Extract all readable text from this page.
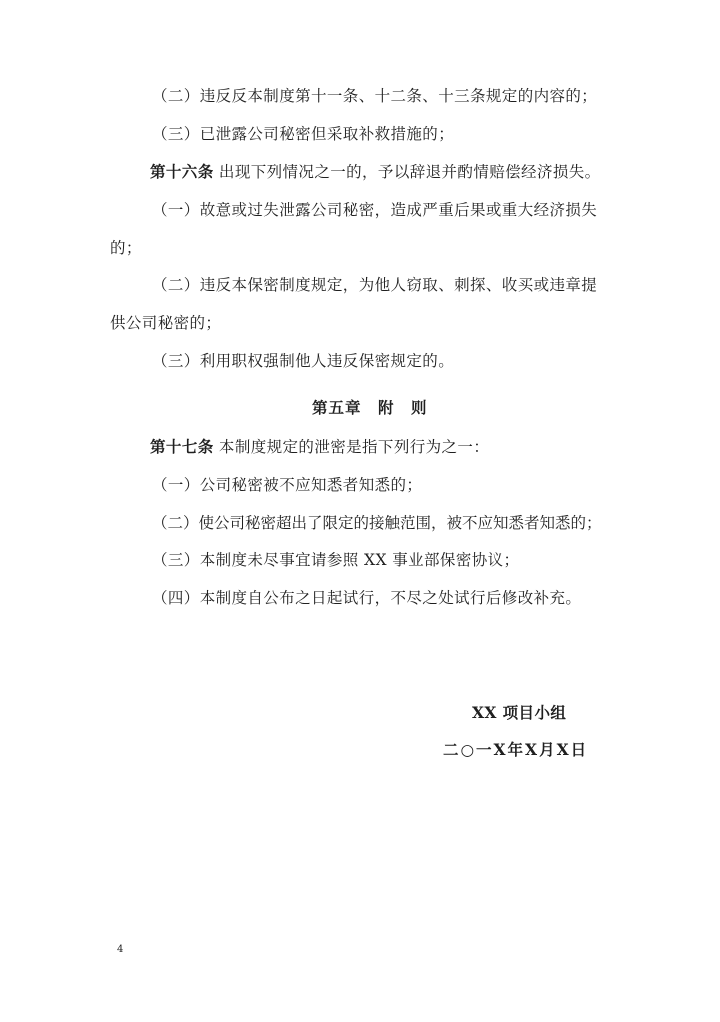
（二）违反反本制度第十一条、十二条、十三条规定的内容的；
（三）已泄露公司秘密但采取补救措施的；
第十六条 出现下列情况之一的，予以辞退并酌情赔偿经济损失。
（一）故意或过失泄露公司秘密，造成严重后果或重大经济损失
的；
（二）违反本保密制度规定，为他人窃取、刺探、收买或违章提
供公司秘密的；
（三）利用职权强制他人违反保密规定的。
第五章　附　则
第十七条 本制度规定的泄密是指下列行为之一：
（一）公司秘密被不应知悉者知悉的；
（二）使公司秘密超出了限定的接触范围，被不应知悉者知悉的；
（三）本制度未尽事宜请参照 XX 事业部保密协议；
（四）本制度自公布之日起试行，不尽之处试行后修改补充。
XX 项目小组
二○一X年X月X日
4
